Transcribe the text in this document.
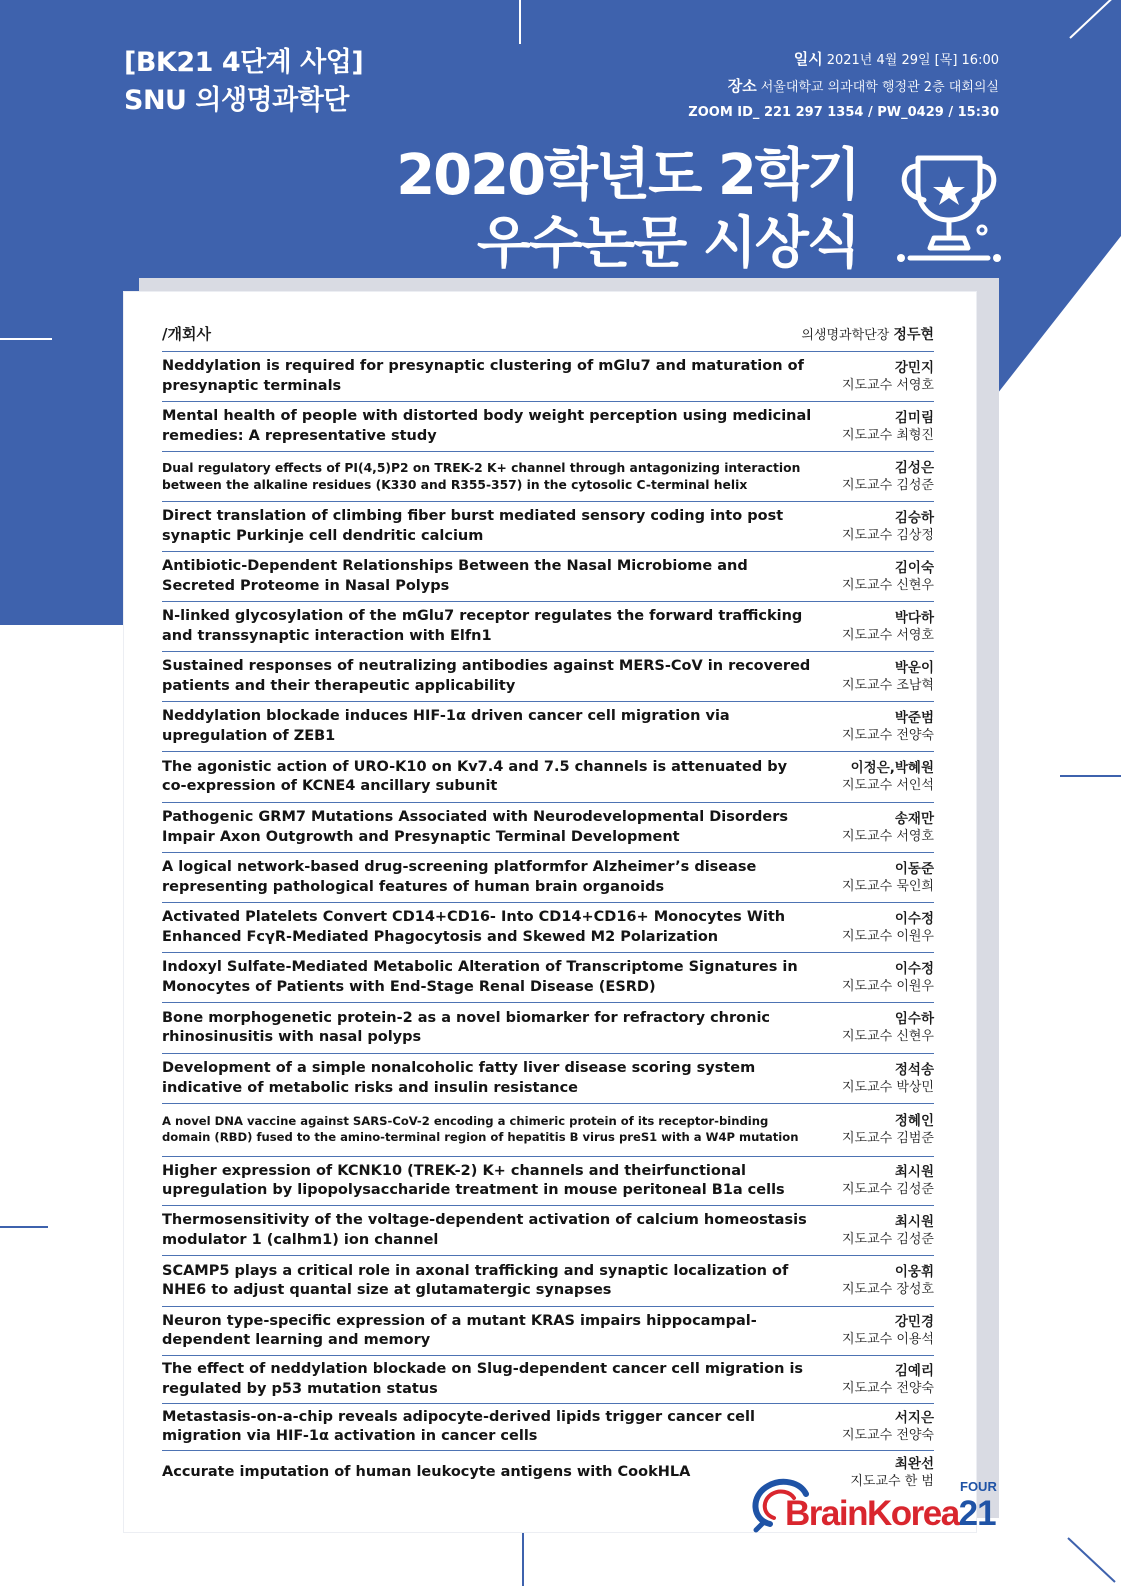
[BK21 4단계 사업]
SNU 의생명과학단
일시 2021년 4월 29일 [목] 16:00
장소 서울대학교 의과대학 행정관 2층 대회의실
ZOOM ID_ 221 297 1354 / PW_0429 / 15:30
2020학년도 2학기
우수논문 시상식
/개회사	의생명과학단장 정두현
Neddylation is required for presynaptic clustering of mGlu7 and maturation of presynaptic terminals
강민지
지도교수 서영호
Mental health of people with distorted body weight perception using medicinal remedies: A representative study
김미림
지도교수 최형진
Dual regulatory effects of PI(4,5)P2 on TREK-2 K+ channel through antagonizing interaction between the alkaline residues (K330 and R355-357) in the cytosolic C-terminal helix
김성은
지도교수 김성준
Direct translation of climbing fiber burst mediated sensory coding into post synaptic Purkinje cell dendritic calcium
김승하
지도교수 김상정
Antibiotic-Dependent Relationships Between the Nasal Microbiome and Secreted Proteome in Nasal Polyps
김이숙
지도교수 신현우
N-linked glycosylation of the mGlu7 receptor regulates the forward trafficking and transsynaptic interaction with Elfn1
박다하
지도교수 서영호
Sustained responses of neutralizing antibodies against MERS-CoV in recovered patients and their therapeutic applicability
박운이
지도교수 조남혁
Neddylation blockade induces HIF-1α driven cancer cell migration via upregulation of ZEB1
박준범
지도교수 전양숙
The agonistic action of URO-K10 on Kv7.4 and 7.5 channels is attenuated by co-expression of KCNE4 ancillary subunit
이정은,박혜원
지도교수 서인석
Pathogenic GRM7 Mutations Associated with Neurodevelopmental Disorders Impair Axon Outgrowth and Presynaptic Terminal Development
송재만
지도교수 서영호
A logical network-based drug-screening platformfor Alzheimer’s disease representing pathological features of human brain organoids
이동준
지도교수 묵인희
Activated Platelets Convert CD14+CD16- Into CD14+CD16+ Monocytes With Enhanced FcγR-Mediated Phagocytosis and Skewed M2 Polarization
이수정
지도교수 이원우
Indoxyl Sulfate-Mediated Metabolic Alteration of Transcriptome Signatures in Monocytes of Patients with End-Stage Renal Disease (ESRD)
이수정
지도교수 이원우
Bone morphogenetic protein-2 as a novel biomarker for refractory chronic rhinosinusitis with nasal polyps
임수하
지도교수 신현우
Development of a simple nonalcoholic fatty liver disease scoring system indicative of metabolic risks and insulin resistance
정석송
지도교수 박상민
A novel DNA vaccine against SARS-CoV-2 encoding a chimeric protein of its receptor-binding domain (RBD) fused to the amino-terminal region of hepatitis B virus preS1 with a W4P mutation
정혜인
지도교수 김범준
Higher expression of KCNK10 (TREK-2) K+ channels and theirfunctional upregulation by lipopolysaccharide treatment in mouse peritoneal B1a cells
최시원
지도교수 김성준
Thermosensitivity of the voltage-dependent activation of calcium homeostasis modulator 1 (calhm1) ion channel
최시원
지도교수 김성준
SCAMP5 plays a critical role in axonal trafficking and synaptic localization of NHE6 to adjust quantal size at glutamatergic synapses
이웅휘
지도교수 장성호
Neuron type-specific expression of a mutant KRAS impairs hippocampal-dependent learning and memory
강민경
지도교수 이용석
The effect of neddylation blockade on Slug-dependent cancer cell migration is regulated by p53 mutation status
김예리
지도교수 전양숙
Metastasis-on-a-chip reveals adipocyte-derived lipids trigger cancer cell migration via HIF-1α activation in cancer cells
서지은
지도교수 전양숙
Accurate imputation of human leukocyte antigens with CookHLA
최완선
지도교수 한 범
BrainKorea21
FOUR
